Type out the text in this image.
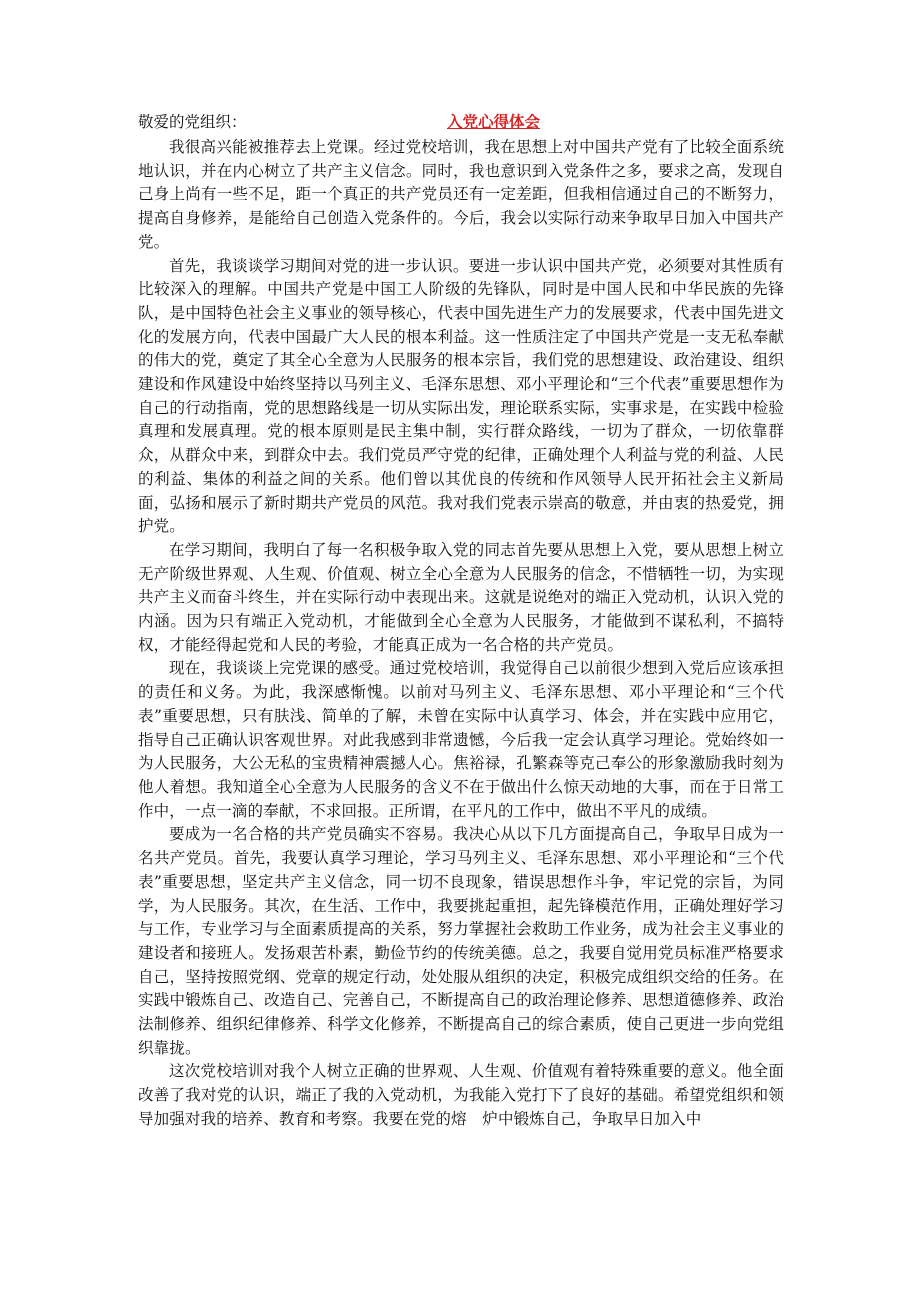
敬爱的党组织：	入党心得体会

我很高兴能被推荐去上党课。经过党校培训，我在思想上对中国共产党有了比较全面系统地认识，并在内心树立了共产主义信念。同时，我也意识到入党条件之多，要求之高，发现自己身上尚有一些不足，距一个真正的共产党员还有一定差距，但我相信通过自己的不断努力，提高自身修养，是能给自己创造入党条件的。今后，我会以实际行动来争取早日加入中国共产党。

首先，我谈谈学习期间对党的进一步认识。要进一步认识中国共产党，必须要对其性质有比较深入的理解。中国共产党是中国工人阶级的先锋队，同时是中国人民和中华民族的先锋队，是中国特色社会主义事业的领导核心，代表中国先进生产力的发展要求，代表中国先进文化的发展方向，代表中国最广大人民的根本利益。这一性质注定了中国共产党是一支无私奉献的伟大的党，奠定了其全心全意为人民服务的根本宗旨，我们党的思想建设、政治建设、组织建设和作风建设中始终坚持以马列主义、毛泽东思想、邓小平理论和“三个代表”重要思想作为自己的行动指南，党的思想路线是一切从实际出发，理论联系实际，实事求是，在实践中检验真理和发展真理。党的根本原则是民主集中制，实行群众路线，一切为了群众，一切依靠群众，从群众中来，到群众中去。我们党员严守党的纪律，正确处理个人利益与党的利益、人民的利益、集体的利益之间的关系。他们曾以其优良的传统和作风领导人民开拓社会主义新局面，弘扬和展示了新时期共产党员的风范。我对我们党表示崇高的敬意，并由衷的热爱党，拥护党。

在学习期间，我明白了每一名积极争取入党的同志首先要从思想上入党，要从思想上树立无产阶级世界观、人生观、价值观、树立全心全意为人民服务的信念，不惜牺牲一切，为实现共产主义而奋斗终生，并在实际行动中表现出来。这就是说绝对的端正入党动机，认识入党的内涵。因为只有端正入党动机，才能做到全心全意为人民服务，才能做到不谋私利，不搞特权，才能经得起党和人民的考验，才能真正成为一名合格的共产党员。

现在，我谈谈上完党课的感受。通过党校培训，我觉得自己以前很少想到入党后应该承担的责任和义务。为此，我深感惭愧。以前对马列主义、毛泽东思想、邓小平理论和“三个代表”重要思想，只有肤浅、简单的了解，未曾在实际中认真学习、体会，并在实践中应用它，指导自己正确认识客观世界。对此我感到非常遗憾，今后我一定会认真学习理论。党始终如一为人民服务，大公无私的宝贵精神震撼人心。焦裕禄，孔繁森等克己奉公的形象激励我时刻为他人着想。我知道全心全意为人民服务的含义不在于做出什么惊天动地的大事，而在于日常工作中，一点一滴的奉献，不求回报。正所谓，在平凡的工作中，做出不平凡的成绩。

要成为一名合格的共产党员确实不容易。我决心从以下几方面提高自己，争取早日成为一名共产党员。首先，我要认真学习理论，学习马列主义、毛泽东思想、邓小平理论和“三个代表”重要思想，坚定共产主义信念，同一切不良现象，错误思想作斗争，牢记党的宗旨，为同学，为人民服务。其次，在生活、工作中，我要挑起重担，起先锋模范作用，正确处理好学习与工作，专业学习与全面素质提高的关系，努力掌握社会救助工作业务，成为社会主义事业的建设者和接班人。发扬艰苦朴素，勤俭节约的传统美德。总之，我要自觉用党员标准严格要求自己，坚持按照党纲、党章的规定行动，处处服从组织的决定，积极完成组织交给的任务。在实践中锻炼自己、改造自己、完善自己，不断提高自己的政治理论修养、思想道德修养、政治法制修养、组织纪律修养、科学文化修养，不断提高自己的综合素质，使自己更进一步向党组织靠拢。

这次党校培训对我个人树立正确的世界观、人生观、价值观有着特殊重要的意义。他全面改善了我对党的认识，端正了我的入党动机，为我能入党打下了良好的基础。希望党组织和领导加强对我的培养、教育和考察。我要在党的熔　炉中锻炼自己，争取早日加入中
